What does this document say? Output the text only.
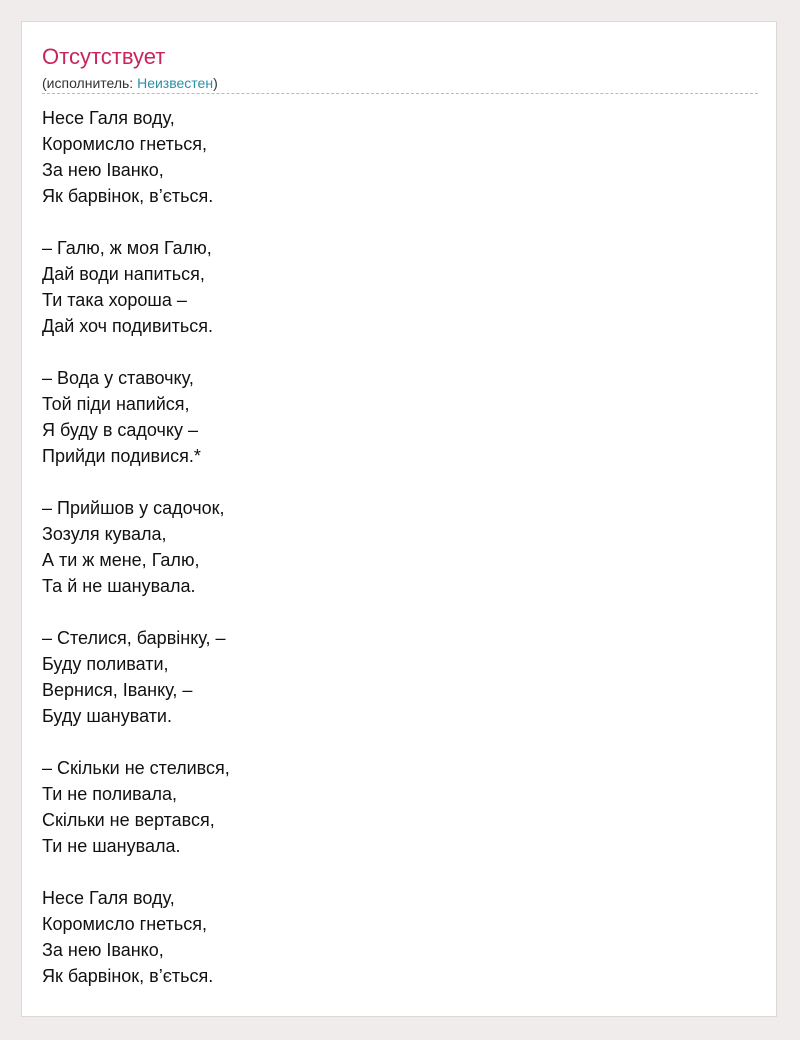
Отсутствует
(исполнитель: Неизвестен)
Несе Галя воду,
Коромисло гнеться,
За нею Іванко,
Як барвінок, в’ється.

– Галю, ж моя Галю,
Дай води напиться,
Ти така хороша –
Дай хоч подивиться.

– Вода у ставочку,
Той піди напийся,
Я буду в садочку –
Прийди подивися.*

– Прийшов у садочок,
Зозуля кувала,
А ти ж мене, Галю,
Та й не шанувала.

– Стелися, барвінку, –
Буду поливати,
Вернися, Іванку, –
Буду шанувати.

– Скільки не стелився,
Ти не поливала,
Скільки не вертався,
Ти не шанувала.

Несе Галя воду,
Коромисло гнеться,
За нею Іванко,
Як барвінок, в’ється.
